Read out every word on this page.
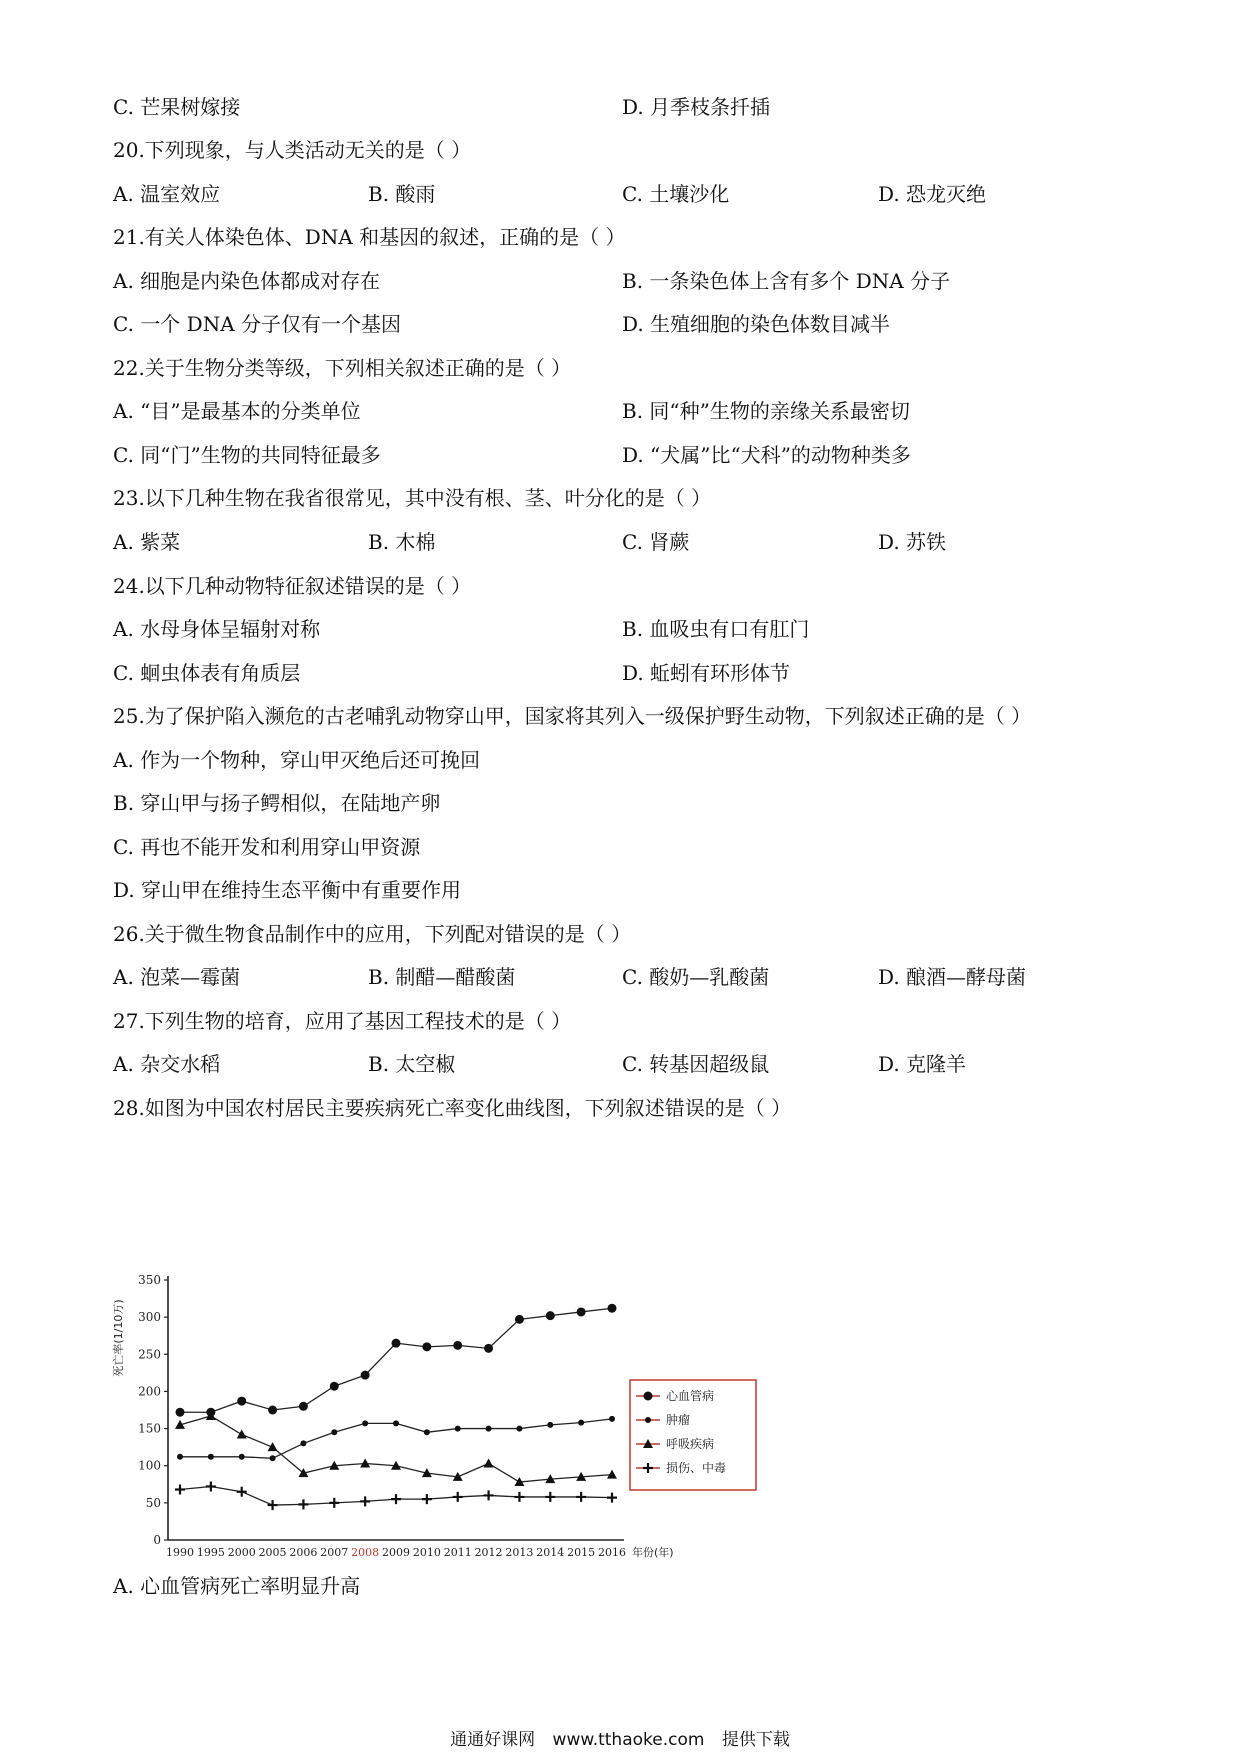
C. 芒果树嫁接	D. 月季枝条扦插
20.下列现象，与人类活动无关的是（ ）
A. 温室效应	B. 酸雨	C. 土壤沙化	D. 恐龙灭绝
21.有关人体染色体、DNA 和基因的叙述，正确的是（ ）
A. 细胞是内染色体都成对存在	B. 一条染色体上含有多个 DNA 分子
C. 一个 DNA 分子仅有一个基因	D. 生殖细胞的染色体数目减半
22.关于生物分类等级，下列相关叙述正确的是（ ）
A. “目”是最基本的分类单位	B. 同“种”生物的亲缘关系最密切
C. 同“门”生物的共同特征最多	D. “犬属”比“犬科”的动物种类多
23.以下几种生物在我省很常见，其中没有根、茎、叶分化的是（ ）
A. 紫菜	B. 木棉	C. 肾蕨	D. 苏铁
24.以下几种动物特征叙述错误的是（ ）
A. 水母身体呈辐射对称	B. 血吸虫有口有肛门
C. 蛔虫体表有角质层	D. 蚯蚓有环形体节
25.为了保护陷入濒危的古老哺乳动物穿山甲，国家将其列入一级保护野生动物，下列叙述正确的是（ ）
A. 作为一个物种，穿山甲灭绝后还可挽回
B. 穿山甲与扬子鳄相似，在陆地产卵
C. 再也不能开发和利用穿山甲资源
D. 穿山甲在维持生态平衡中有重要作用
26.关于微生物食品制作中的应用，下列配对错误的是（ ）
A. 泡菜—霉菌	B. 制醋—醋酸菌	C. 酸奶—乳酸菌	D. 酿酒—酵母菌
27.下列生物的培育，应用了基因工程技术的是（ ）
A. 杂交水稻	B. 太空椒	C. 转基因超级鼠	D. 克隆羊
28.如图为中国农村居民主要疾病死亡率变化曲线图，下列叙述错误的是（ ）
0
50
100
150
200
250
300
350
死亡率(1/10万)
1990 1995 2000 2005 2006 2007 2008 2009 2010 2011 2012 2013 2014 2015 2016 年份(年)
心血管病
肿瘤
呼吸疾病
损伤、中毒
A. 心血管病死亡率明显升高
通通好课网 www.tthaoke.com 提供下载
